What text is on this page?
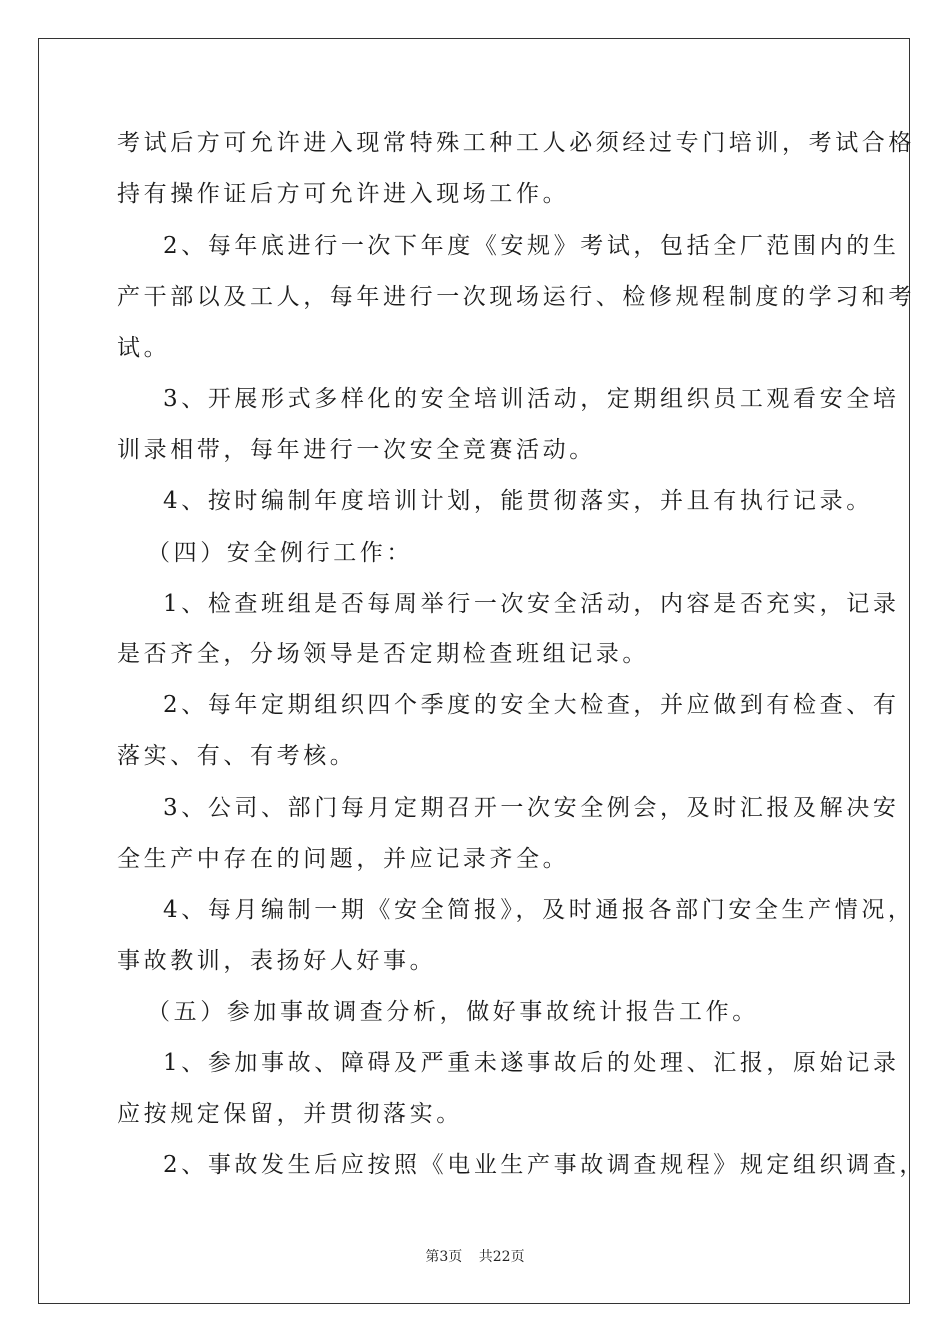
考试后方可允许进入现常特殊工种工人必须经过专门培训，考试合格

持有操作证后方可允许进入现场工作。

2、每年底进行一次下年度《安规》考试，包括全厂范围内的生

产干部以及工人，每年进行一次现场运行、检修规程制度的学习和考

试。

3、开展形式多样化的安全培训活动，定期组织员工观看安全培

训录相带，每年进行一次安全竞赛活动。

4、按时编制年度培训计划，能贯彻落实，并且有执行记录。

（四）安全例行工作：

1、检查班组是否每周举行一次安全活动，内容是否充实，记录

是否齐全，分场领导是否定期检查班组记录。

2、每年定期组织四个季度的安全大检查，并应做到有检查、有

落实、有、有考核。

3、公司、部门每月定期召开一次安全例会，及时汇报及解决安

全生产中存在的问题，并应记录齐全。

4、每月编制一期《安全简报》，及时通报各部门安全生产情况，

事故教训，表扬好人好事。

（五）参加事故调查分析，做好事故统计报告工作。

1、参加事故、障碍及严重未遂事故后的处理、汇报，原始记录

应按规定保留，并贯彻落实。

2、事故发生后应按照《电业生产事故调查规程》规定组织调查，

第3页 共22页
